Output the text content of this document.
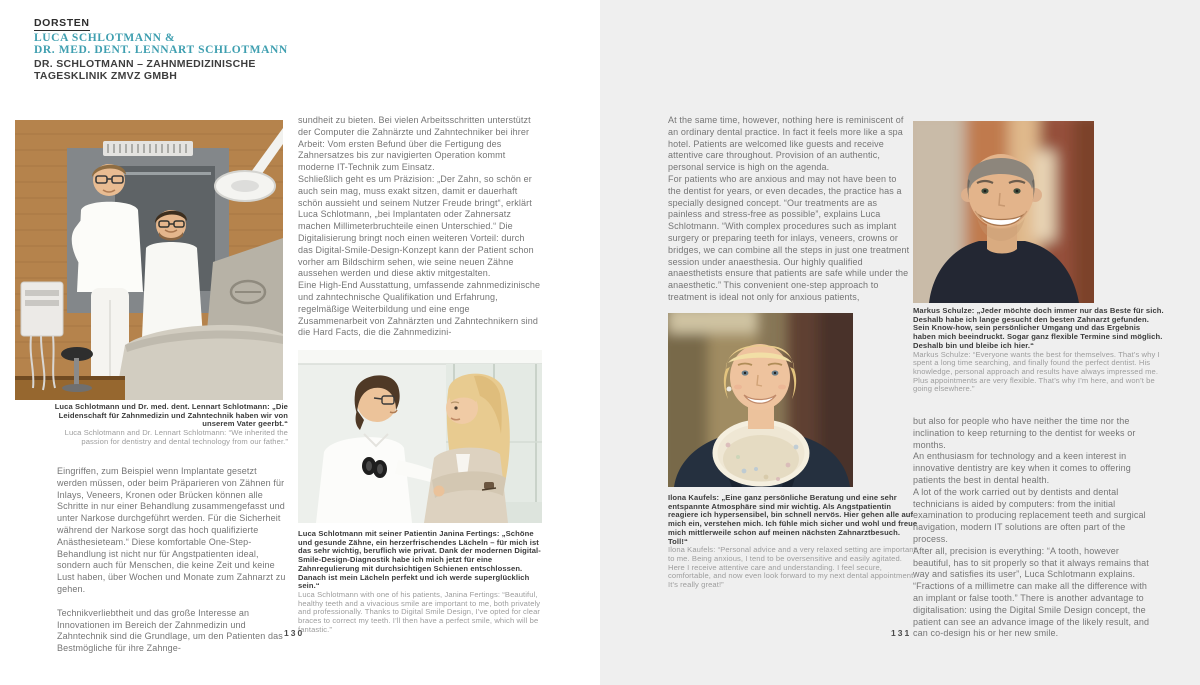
DORSTEN
LUCA SCHLOTMANN &
DR. MED. DENT. LENNART SCHLOTMANN
DR. SCHLOTMANN – ZAHNMEDIZINISCHE
TAGESKLINIK ZMVZ GMBH

Luca Schlotmann und Dr. med. dent. Lennart Schlotmann: „Die Leidenschaft für Zahnmedizin und Zahntechnik haben wir von unserem Vater geerbt.“

Luca Schlotmann and Dr. Lennart Schlotmann: “We inherited the passion for dentistry and dental technology from our father.”

Eingriffen, zum Beispiel wenn Implantate gesetzt werden müssen, oder beim Präparieren von Zähnen für Inlays, Veneers, Kronen oder Brücken können alle Schritte in nur einer Behandlung zusammengefasst und unter Narkose durchgeführt werden. Für die Sicherheit während der Narkose sorgt das hoch qualifizierte Anästhesieteam.“ Diese komfortable One-Step-Behandlung ist nicht nur für Angstpatienten ideal, sondern auch für Menschen, die keine Zeit und keine Lust haben, über Wochen und Monate zum Zahnarzt zu gehen.

Technikverliebtheit und das große Interesse an Innovationen im Bereich der Zahnmedizin und Zahntechnik sind die Grundlage, um den Patienten das Bestmögliche für ihre Zahnge-

sundheit zu bieten. Bei vielen Arbeitsschritten unterstützt der Computer die Zahnärzte und Zahntechniker bei ihrer Arbeit: Vom ersten Befund über die Fertigung des Zahnersatzes bis zur navigierten Operation kommt moderne IT-Technik zum Einsatz.

Schließlich geht es um Präzision: „Der Zahn, so schön er auch sein mag, muss exakt sitzen, damit er dauerhaft schön aussieht und seinem Nutzer Freude bringt“, erklärt Luca Schlotmann, „bei Implantaten oder Zahnersatz machen Millimeterbruchteile einen Unterschied.“ Die Digitalisierung bringt noch einen weiteren Vorteil: durch das Digital-Smile-Design-Konzept kann der Patient schon vorher am Bildschirm sehen, wie seine neuen Zähne aussehen werden und diese aktiv mitgestalten.

Eine High-End Ausstattung, umfassende zahnmedizinische und zahntechnische Qualifikation und Erfahrung, regelmäßige Weiterbildung und eine enge Zusammenarbeit von Zahnärzten und Zahntechnikern sind die Hard Facts, die die Zahnmedizini-

Luca Schlotmann mit seiner Patientin Janina Fertings: „Schöne und gesunde Zähne, ein herzerfrischendes Lächeln – für mich ist das sehr wichtig, beruflich wie privat. Dank der modernen Digital-Smile-Design-Diagnostik habe ich mich jetzt für eine Zahnregulierung mit durchsichtigen Schienen entschlossen. Danach ist mein Lächeln perfekt und ich werde superglücklich sein.“

Luca Schlotmann with one of his patients, Janina Fertings: “Beautiful, healthy teeth and a vivacious smile are important to me, both privately and professionally. Thanks to Digital Smile Design, I’ve opted for clear braces to correct my teeth. I’ll then have a perfect smile, which will be fantastic.”

130

At the same time, however, nothing here is reminiscent of an ordinary dental practice. In fact it feels more like a spa hotel. Patients are welcomed like guests and receive attentive care throughout. Provision of an authentic, personal service is high on the agenda.

For patients who are anxious and may not have been to the dentist for years, or even decades, the practice has a specially designed concept. “Our treatments are as painless and stress-free as possible”, explains Luca Schlotmann. “With complex procedures such as implant surgery or preparing teeth for inlays, veneers, crowns or bridges, we can combine all the steps in just one treatment session under anaesthesia. Our highly qualified anaesthetists ensure that patients are safe while under the anaesthetic.” This convenient one-step approach to treatment is ideal not only for anxious patients,

Ilona Kaufels: „Eine ganz persönliche Beratung und eine sehr entspannte Atmosphäre sind mir wichtig. Als Angstpatientin reagiere ich hypersensibel, bin schnell nervös. Hier gehen alle auf mich ein, verstehen mich. Ich fühle mich sicher und wohl und freue mich mittlerweile schon auf meinen nächsten Zahnarztbesuch. Toll!“

Ilona Kaufels: “Personal advice and a very relaxed setting are important to me. Being anxious, I tend to be oversensitive and easily agitated. Here I receive attentive care and understanding. I feel secure, comfortable, and now even look forward to my next dental appointment. It’s really great!”

Markus Schulze: „Jeder möchte doch immer nur das Beste für sich. Deshalb habe ich lange gesucht den besten Zahnarzt gefunden. Sein Know-how, sein persönlicher Umgang und das Ergebnis haben mich beeindruckt. Sogar ganz flexible Termine sind möglich. Deshalb bin und bleibe ich hier.“

Markus Schulze: “Everyone wants the best for themselves. That’s why I spent a long time searching, and finally found the perfect dentist. His knowledge, personal approach and results have always impressed me. Plus appointments are very flexible. That’s why I’m here, and won’t be going elsewhere.”

but also for people who have neither the time nor the inclination to keep returning to the dentist for weeks or months.

An enthusiasm for technology and a keen interest in innovative dentistry are key when it comes to offering patients the best in dental health.

A lot of the work carried out by dentists and dental technicians is aided by computers: from the initial examination to producing replacement teeth and surgical navigation, modern IT solutions are often part of the process.

After all, precision is everything: “A tooth, however beautiful, has to sit properly so that it always remains that way and satisfies its user”, Luca Schlotmann explains. “Fractions of a millimetre can make all the difference with an implant or false tooth.” There is another advantage to digitalisation: using the Digital Smile Design concept, the patient can see an advance image of the likely result, and can co-design his or her new smile.

131
